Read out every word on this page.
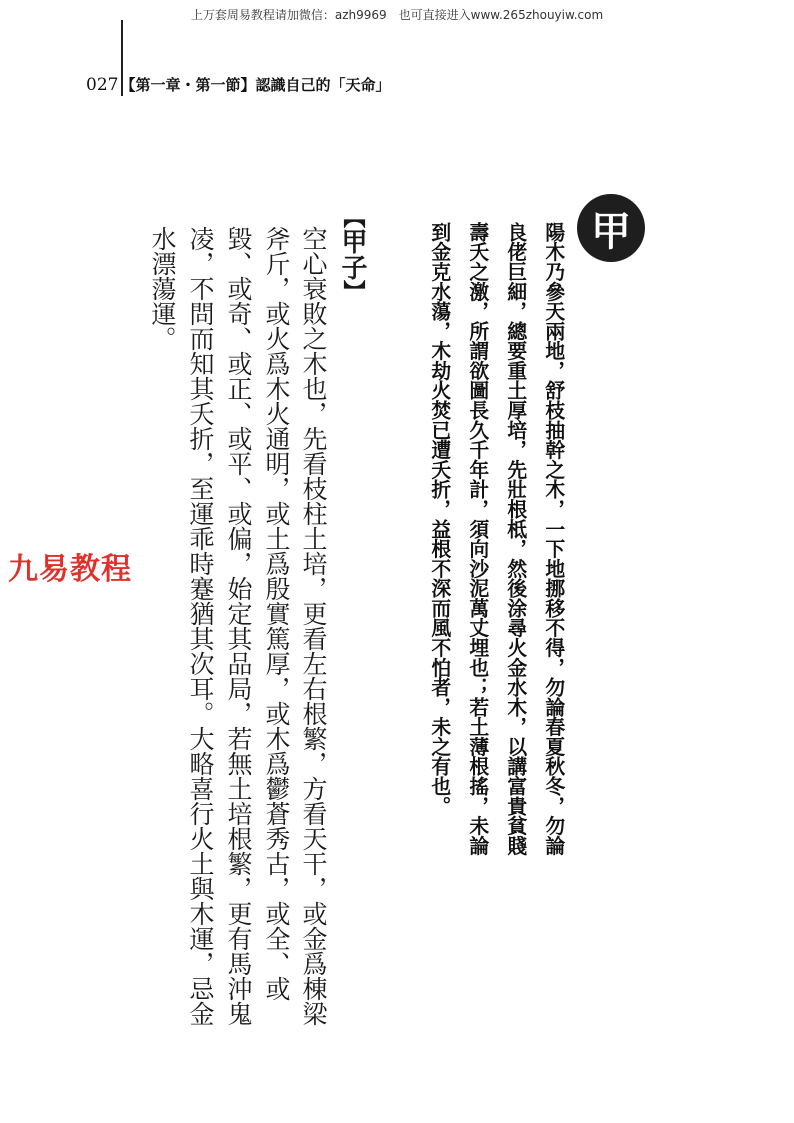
上万套周易教程请加微信：azh9969　也可直接进入www.265zhouyiw.com
027 【第一章・第一節】認識自己的「天命」
甲
陽木乃參天兩地，舒枝抽幹之木，一下地挪移不得，勿論春夏秋冬，勿論
良佬巨細，總要重土厚培，先壯根柢，然後涂尋火金水木，以講富貴貧賤
壽夭之激，所謂欲圖長久千年計，須向沙泥萬丈埋也；若土薄根搖，未論
到金克水蕩，木劫火焚已遭夭折，益根不深而風不怕者，未之有也。
【甲子】
空心衰敗之木也，先看枝柱土培，更看左右根繁，方看天干，或金爲棟梁
斧斤，或火爲木火通明，或土爲殷實篤厚，或木爲鬱蒼秀古，或全、或
毀、或奇、或正、或平、或偏，始定其品局，若無土培根繁，更有馬沖鬼
凌，不問而知其夭折，至運乖時蹇猶其次耳。大略喜行火土與木運，忌金
水漂蕩運。
九易教程
